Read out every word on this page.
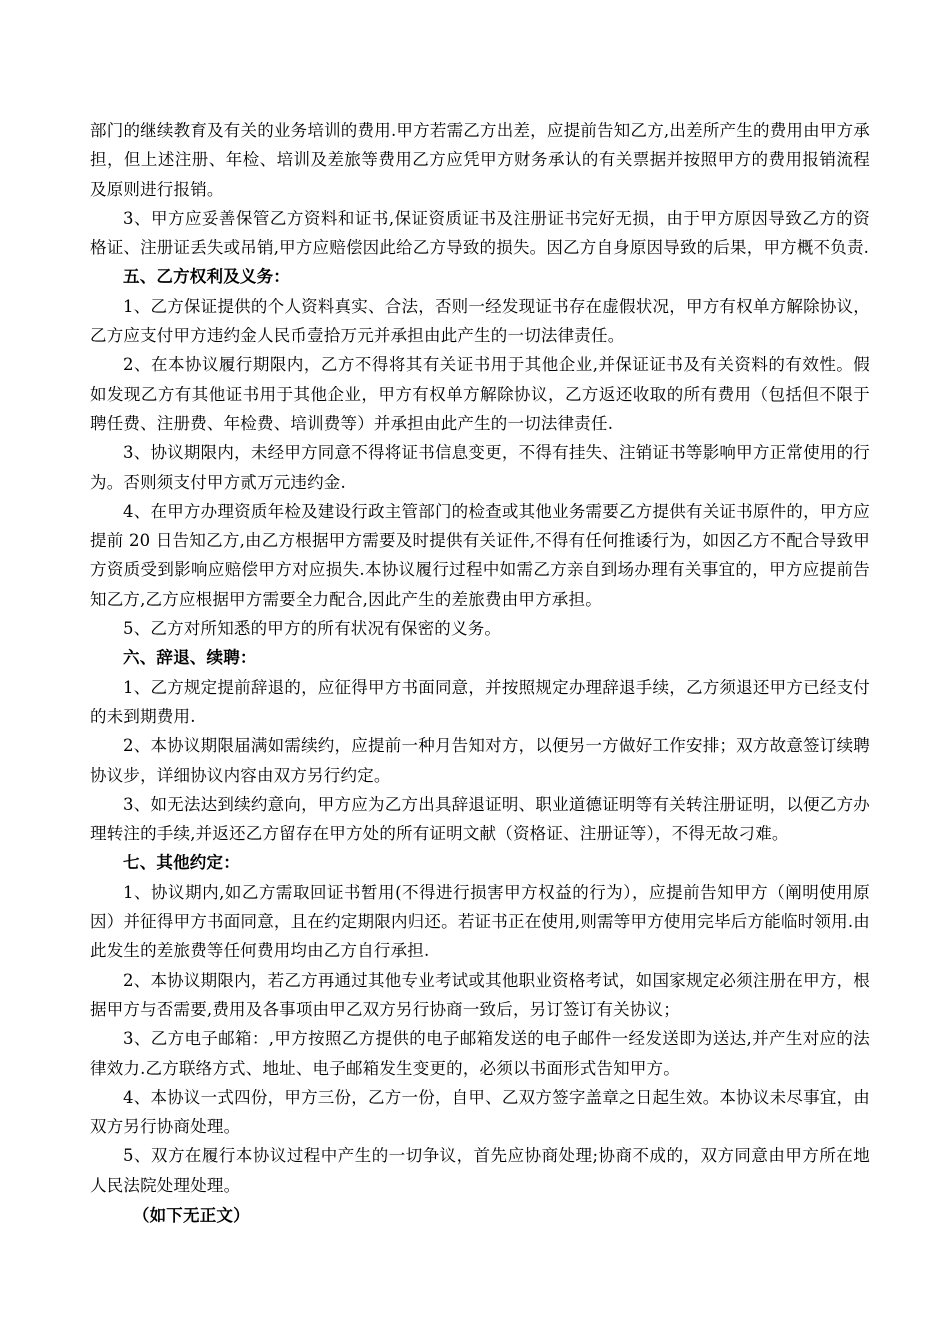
部门的继续教育及有关的业务培训的费用.甲方若需乙方出差，应提前告知乙方,出差所产生的费用由甲方承担，但上述注册、年检、培训及差旅等费用乙方应凭甲方财务承认的有关票据并按照甲方的费用报销流程及原则进行报销。

3、甲方应妥善保管乙方资料和证书,保证资质证书及注册证书完好无损，由于甲方原因导致乙方的资格证、注册证丢失或吊销,甲方应赔偿因此给乙方导致的损失。因乙方自身原因导致的后果，甲方概不负责.

五、乙方权利及义务：

1、乙方保证提供的个人资料真实、合法，否则一经发现证书存在虚假状况，甲方有权单方解除协议，乙方应支付甲方违约金人民币壹拾万元并承担由此产生的一切法律责任。

2、在本协议履行期限内，乙方不得将其有关证书用于其他企业,并保证证书及有关资料的有效性。假如发现乙方有其他证书用于其他企业，甲方有权单方解除协议，乙方返还收取的所有费用（包括但不限于聘任费、注册费、年检费、培训费等）并承担由此产生的一切法律责任.

3、协议期限内，未经甲方同意不得将证书信息变更，不得有挂失、注销证书等影响甲方正常使用的行为。否则须支付甲方贰万元违约金.

4、在甲方办理资质年检及建设行政主管部门的检查或其他业务需要乙方提供有关证书原件的，甲方应提前 20 日告知乙方,由乙方根据甲方需要及时提供有关证件,不得有任何推诿行为，如因乙方不配合导致甲方资质受到影响应赔偿甲方对应损失.本协议履行过程中如需乙方亲自到场办理有关事宜的，甲方应提前告知乙方,乙方应根据甲方需要全力配合,因此产生的差旅费由甲方承担。

5、乙方对所知悉的甲方的所有状况有保密的义务。

六、辞退、续聘：

1、乙方规定提前辞退的，应征得甲方书面同意，并按照规定办理辞退手续，乙方须退还甲方已经支付的未到期费用.

2、本协议期限届满如需续约，应提前一种月告知对方，以便另一方做好工作安排；双方故意签订续聘协议步，详细协议内容由双方另行约定。

3、如无法达到续约意向，甲方应为乙方出具辞退证明、职业道德证明等有关转注册证明，以便乙方办理转注的手续,并返还乙方留存在甲方处的所有证明文献（资格证、注册证等），不得无故刁难。

七、其他约定：

1、协议期内,如乙方需取回证书暂用(不得进行损害甲方权益的行为），应提前告知甲方（阐明使用原因）并征得甲方书面同意，且在约定期限内归还。若证书正在使用,则需等甲方使用完毕后方能临时领用.由此发生的差旅费等任何费用均由乙方自行承担.

2、本协议期限内，若乙方再通过其他专业考试或其他职业资格考试，如国家规定必须注册在甲方，根据甲方与否需要,费用及各事项由甲乙双方另行协商一致后，另订签订有关协议；

3、乙方电子邮箱：,甲方按照乙方提供的电子邮箱发送的电子邮件一经发送即为送达,并产生对应的法律效力.乙方联络方式、地址、电子邮箱发生变更的，必须以书面形式告知甲方。

4、本协议一式四份，甲方三份，乙方一份，自甲、乙双方签字盖章之日起生效。本协议未尽事宜，由双方另行协商处理。

5、双方在履行本协议过程中产生的一切争议，首先应协商处理;协商不成的，双方同意由甲方所在地人民法院处理处理。

（如下无正文）
